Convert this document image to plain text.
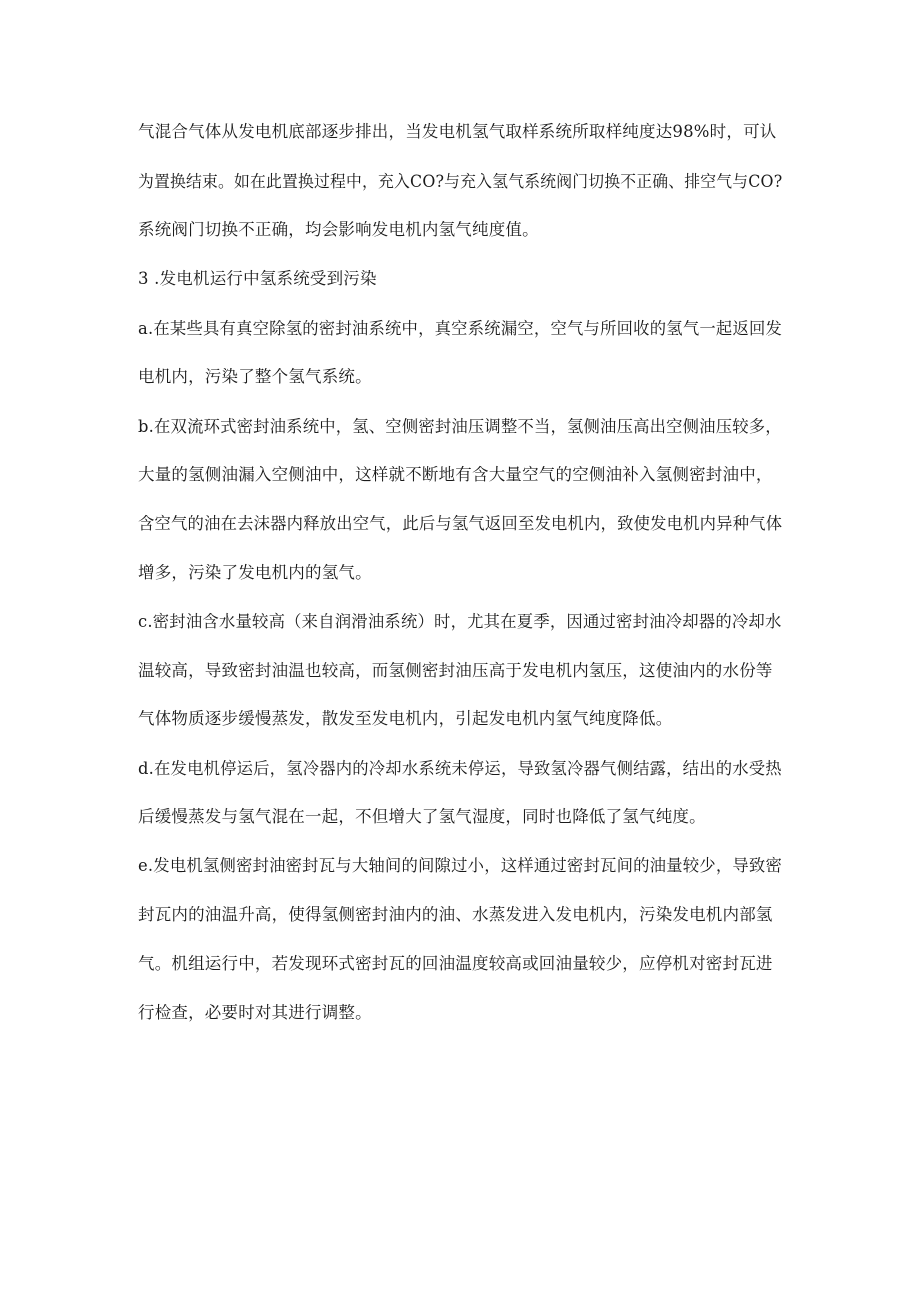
气混合气体从发电机底部逐步排出，当发电机氢气取样系统所取样纯度达98%时，可认
为置换结束。如在此置换过程中，充入CO?与充入氢气系统阀门切换不正确、排空气与CO?
系统阀门切换不正确，均会影响发电机内氢气纯度值。
3 .发电机运行中氢系统受到污染
a.在某些具有真空除氢的密封油系统中，真空系统漏空，空气与所回收的氢气一起返回发
电机内，污染了整个氢气系统。
b.在双流环式密封油系统中，氢、空侧密封油压调整不当，氢侧油压高出空侧油压较多，
大量的氢侧油漏入空侧油中，这样就不断地有含大量空气的空侧油补入氢侧密封油中，
含空气的油在去沫器内释放出空气，此后与氢气返回至发电机内，致使发电机内异种气体
增多，污染了发电机内的氢气。
c.密封油含水量较高（来自润滑油系统）时，尤其在夏季，因通过密封油冷却器的冷却水
温较高，导致密封油温也较高，而氢侧密封油压高于发电机内氢压，这使油内的水份等
气体物质逐步缓慢蒸发，散发至发电机内，引起发电机内氢气纯度降低。
d.在发电机停运后，氢冷器内的冷却水系统未停运，导致氢冷器气侧结露，结出的水受热
后缓慢蒸发与氢气混在一起，不但增大了氢气湿度，同时也降低了氢气纯度。
e.发电机氢侧密封油密封瓦与大轴间的间隙过小，这样通过密封瓦间的油量较少，导致密
封瓦内的油温升高，使得氢侧密封油内的油、水蒸发进入发电机内，污染发电机内部氢
气。机组运行中，若发现环式密封瓦的回油温度较高或回油量较少，应停机对密封瓦进
行检查，必要时对其进行调整。
